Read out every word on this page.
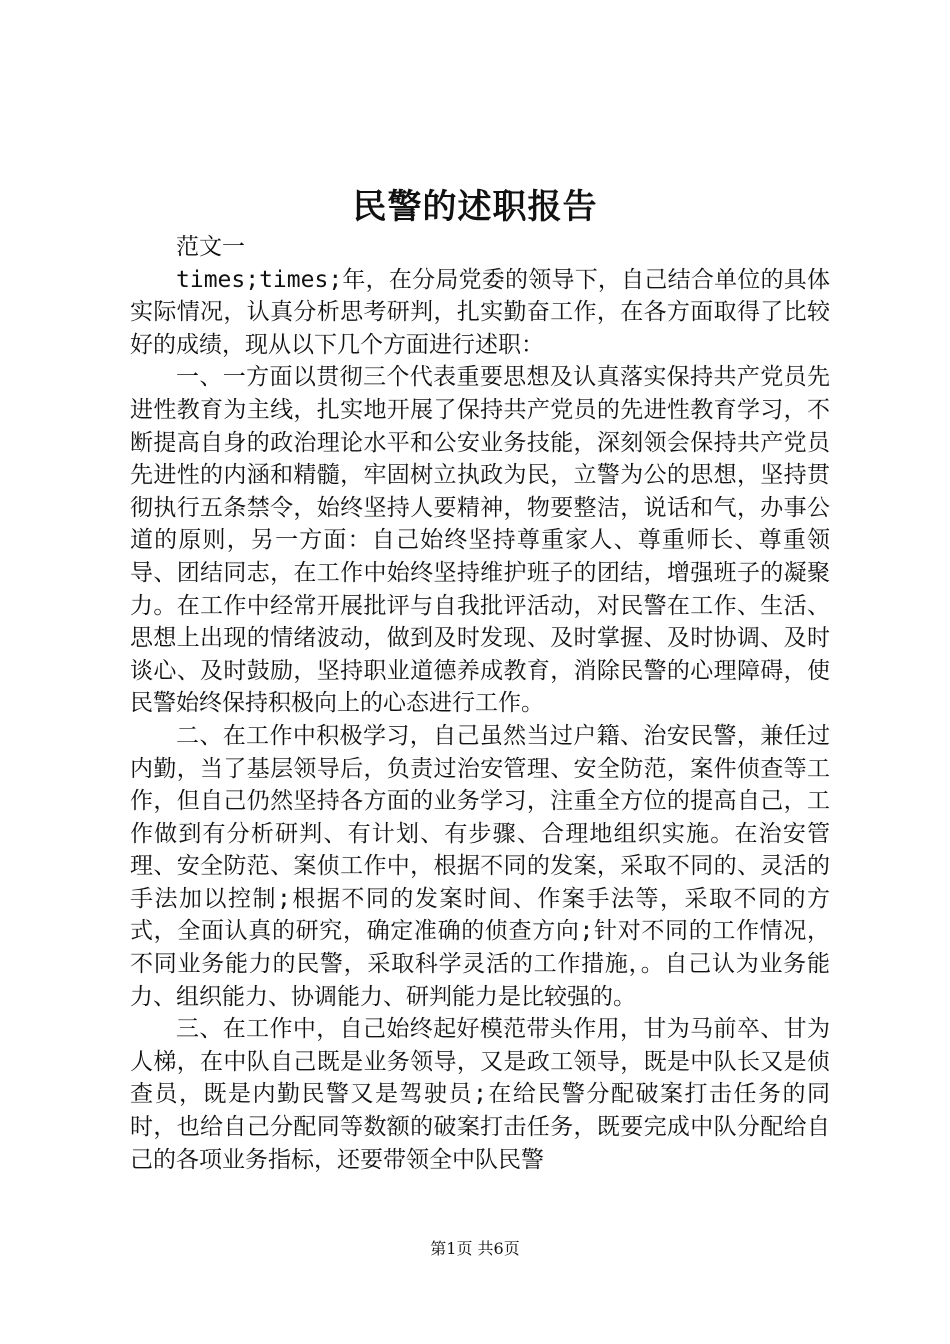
民警的述职报告

范文一

times;times;年，在分局党委的领导下，自己结合单位的具体实际情况，认真分析思考研判，扎实勤奋工作，在各方面取得了比较好的成绩，现从以下几个方面进行述职：

一、一方面以贯彻三个代表重要思想及认真落实保持共产党员先进性教育为主线，扎实地开展了保持共产党员的先进性教育学习，不断提高自身的政治理论水平和公安业务技能，深刻领会保持共产党员先进性的内涵和精髓，牢固树立执政为民，立警为公的思想，坚持贯彻执行五条禁令，始终坚持人要精神，物要整洁，说话和气，办事公道的原则，另一方面：自己始终坚持尊重家人、尊重师长、尊重领导、团结同志，在工作中始终坚持维护班子的团结，增强班子的凝聚力。在工作中经常开展批评与自我批评活动，对民警在工作、生活、思想上出现的情绪波动，做到及时发现、及时掌握、及时协调、及时谈心、及时鼓励，坚持职业道德养成教育，消除民警的心理障碍，使民警始终保持积极向上的心态进行工作。

二、在工作中积极学习，自己虽然当过户籍、治安民警，兼任过内勤，当了基层领导后，负责过治安管理、安全防范，案件侦查等工作，但自己仍然坚持各方面的业务学习，注重全方位的提高自己，工作做到有分析研判、有计划、有步骤、合理地组织实施。在治安管理、安全防范、案侦工作中，根据不同的发案，采取不同的、灵活的手法加以控制;根据不同的发案时间、作案手法等，采取不同的方式，全面认真的研究，确定准确的侦查方向;针对不同的工作情况，不同业务能力的民警，采取科学灵活的工作措施，。自己认为业务能力、组织能力、协调能力、研判能力是比较强的。

三、在工作中，自己始终起好模范带头作用，甘为马前卒、甘为人梯，在中队自己既是业务领导，又是政工领导，既是中队长又是侦查员，既是内勤民警又是驾驶员;在给民警分配破案打击任务的同时，也给自己分配同等数额的破案打击任务，既要完成中队分配给自己的各项业务指标，还要带领全中队民警

第1页 共6页
